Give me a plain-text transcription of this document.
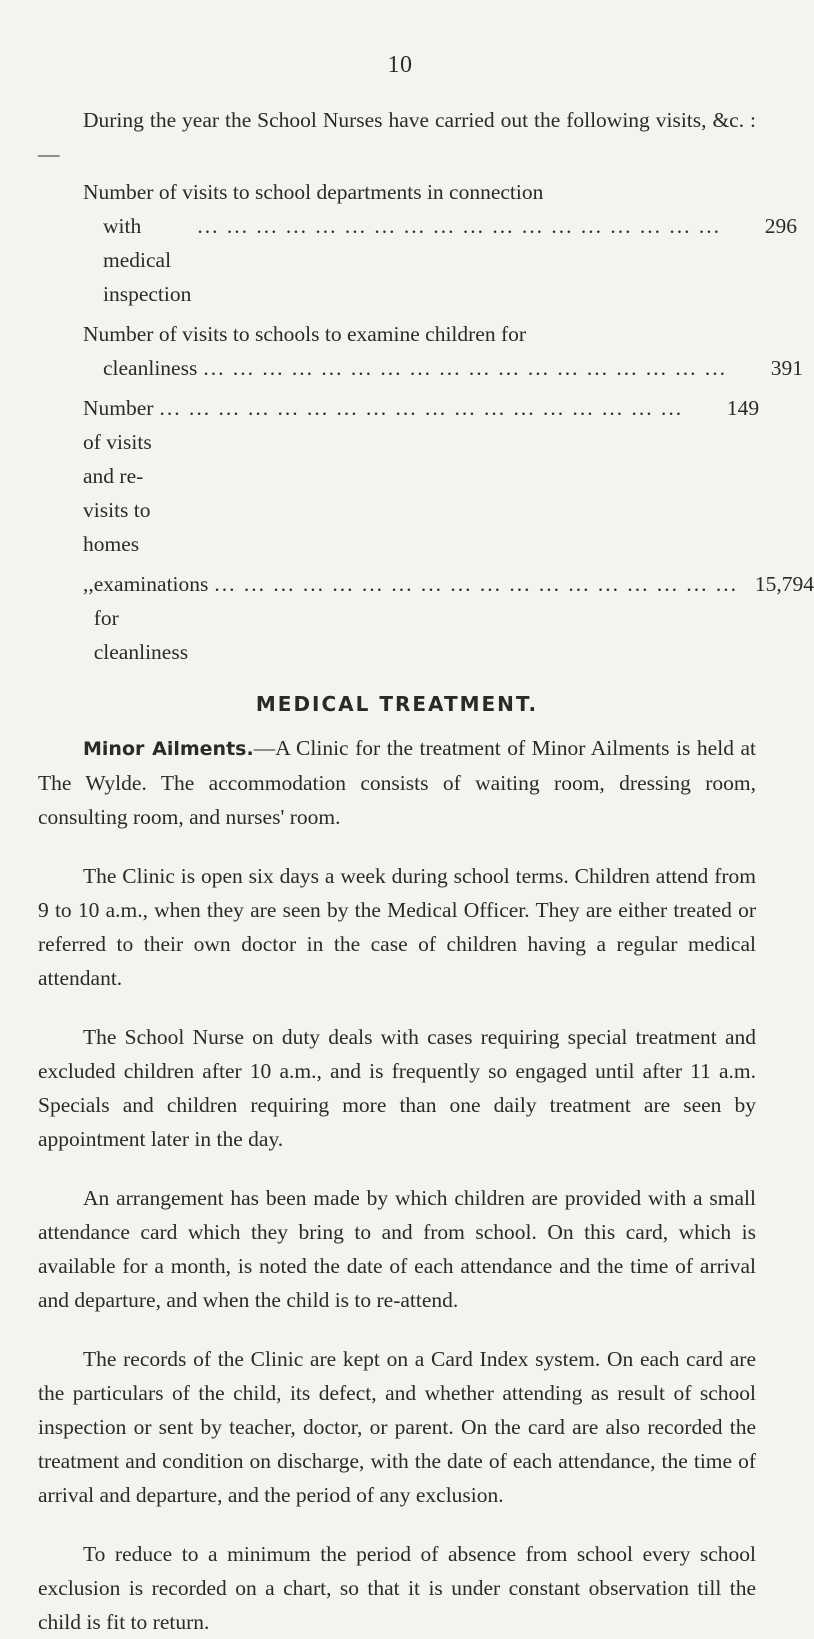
10

During the year the School Nurses have carried out the following visits, &c. :—

Number of visits to school departments in connection
with medical inspection
... ... ... ... ... ... ... ... ... ... ... ... ... ... ... ... ... ...	296
Number of visits to schools to examine children for
cleanliness ... ... ... ... ... ... ... ... ... ... ... ... ... ... ... ... ... ...	391
Number of visits and re-visits to homes
... ... ... ... ... ... ... ... ... ... ... ... ... ... ... ... ... ...	149
,, examinations for cleanliness
... ... ... ... ... ... ... ... ... ... ... ... ... ... ... ... ... ... 15,794
MEDICAL TREATMENT.

Minor Ailments.—A Clinic for the treatment of Minor Ailments is held at The Wylde. The accommodation consists of waiting room, dressing room, consulting room, and nurses' room.

The Clinic is open six days a week during school terms. Children attend from 9 to 10 a.m., when they are seen by the Medical Officer. They are either treated or referred to their own doctor in the case of children having a regular medical attendant.

The School Nurse on duty deals with cases requiring special treatment and excluded children after 10 a.m., and is frequently so engaged until after 11 a.m. Specials and children requiring more than one daily treatment are seen by appointment later in the day.

An arrangement has been made by which children are provided with a small attendance card which they bring to and from school. On this card, which is available for a month, is noted the date of each attendance and the time of arrival and departure, and when the child is to re-attend.

The records of the Clinic are kept on a Card Index system. On each card are the particulars of the child, its defect, and whether attending as result of school inspection or sent by teacher, doctor, or parent. On the card are also recorded the treatment and condition on discharge, with the date of each attendance, the time of arrival and departure, and the period of any exclusion.

To reduce to a minimum the period of absence from school every school exclusion is recorded on a chart, so that it is under constant observation till the child is fit to return.
